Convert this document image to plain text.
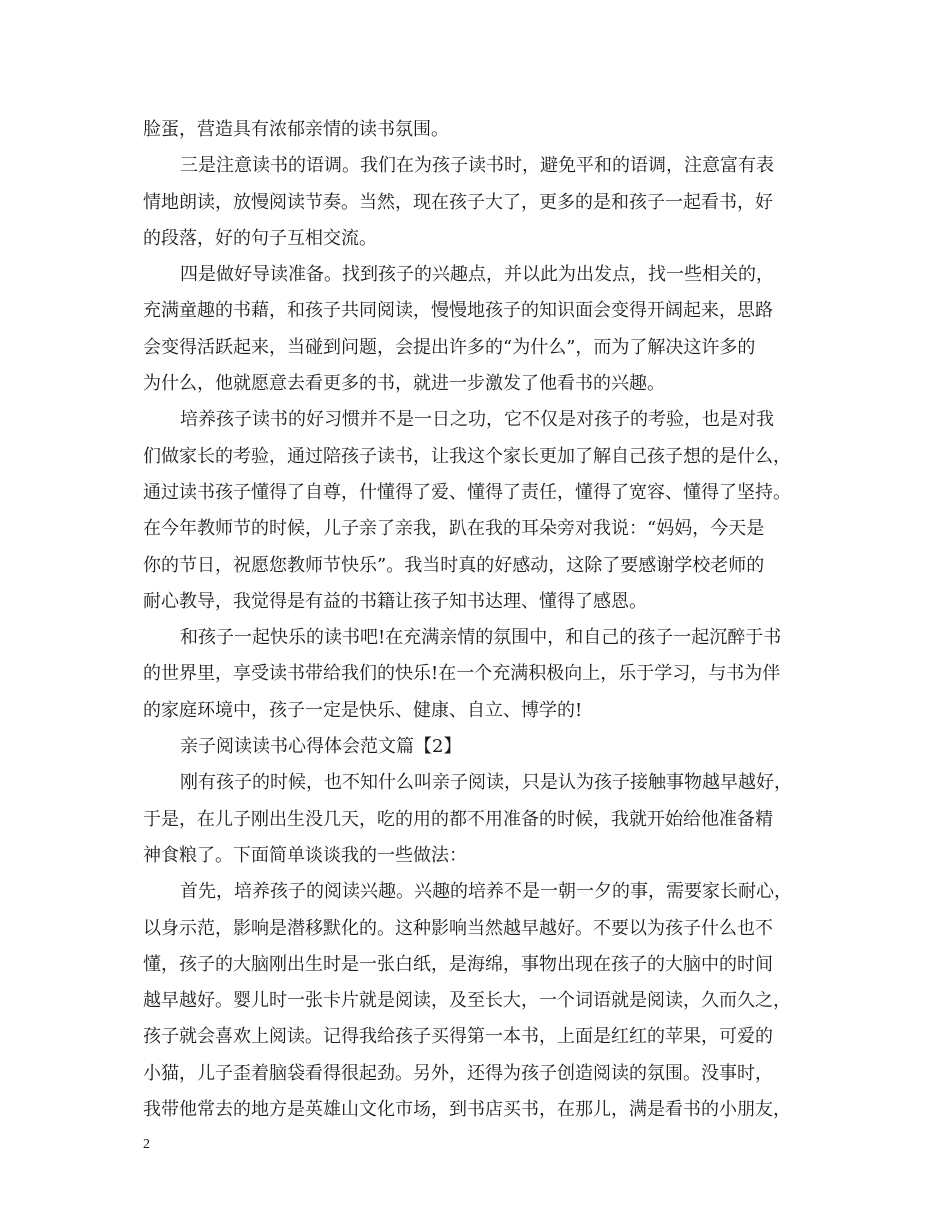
脸蛋，营造具有浓郁亲情的读书氛围。
三是注意读书的语调。我们在为孩子读书时，避免平和的语调，注意富有表
情地朗读，放慢阅读节奏。当然，现在孩子大了，更多的是和孩子一起看书，好
的段落，好的句子互相交流。
四是做好导读准备。找到孩子的兴趣点，并以此为出发点，找一些相关的，
充满童趣的书藉，和孩子共同阅读，慢慢地孩子的知识面会变得开阔起来，思路
会变得活跃起来，当碰到问题，会提出许多的“为什么”，而为了解决这许多的
为什么，他就愿意去看更多的书，就进一步激发了他看书的兴趣。
培养孩子读书的好习惯并不是一日之功，它不仅是对孩子的考验，也是对我
们做家长的考验，通过陪孩子读书，让我这个家长更加了解自己孩子想的是什么，
通过读书孩子懂得了自尊，什懂得了爱、懂得了责任，懂得了宽容、懂得了坚持。
在今年教师节的时候，儿子亲了亲我，趴在我的耳朵旁对我说：“妈妈，今天是
你的节日，祝愿您教师节快乐”。我当时真的好感动，这除了要感谢学校老师的
耐心教导，我觉得是有益的书籍让孩子知书达理、懂得了感恩。
和孩子一起快乐的读书吧!在充满亲情的氛围中，和自己的孩子一起沉醉于书
的世界里，享受读书带给我们的快乐!在一个充满积极向上，乐于学习，与书为伴
的家庭环境中，孩子一定是快乐、健康、自立、博学的!
亲子阅读读书心得体会范文篇【2】
刚有孩子的时候，也不知什么叫亲子阅读，只是认为孩子接触事物越早越好，
于是，在儿子刚出生没几天，吃的用的都不用准备的时候，我就开始给他准备精
神食粮了。下面简单谈谈我的一些做法：
首先，培养孩子的阅读兴趣。兴趣的培养不是一朝一夕的事，需要家长耐心，
以身示范，影响是潜移默化的。这种影响当然越早越好。不要以为孩子什么也不
懂，孩子的大脑刚出生时是一张白纸，是海绵，事物出现在孩子的大脑中的时间
越早越好。婴儿时一张卡片就是阅读，及至长大，一个词语就是阅读，久而久之，
孩子就会喜欢上阅读。记得我给孩子买得第一本书，上面是红红的苹果，可爱的
小猫，儿子歪着脑袋看得很起劲。另外，还得为孩子创造阅读的氛围。没事时，
我带他常去的地方是英雄山文化市场，到书店买书，在那儿，满是看书的小朋友，
2
